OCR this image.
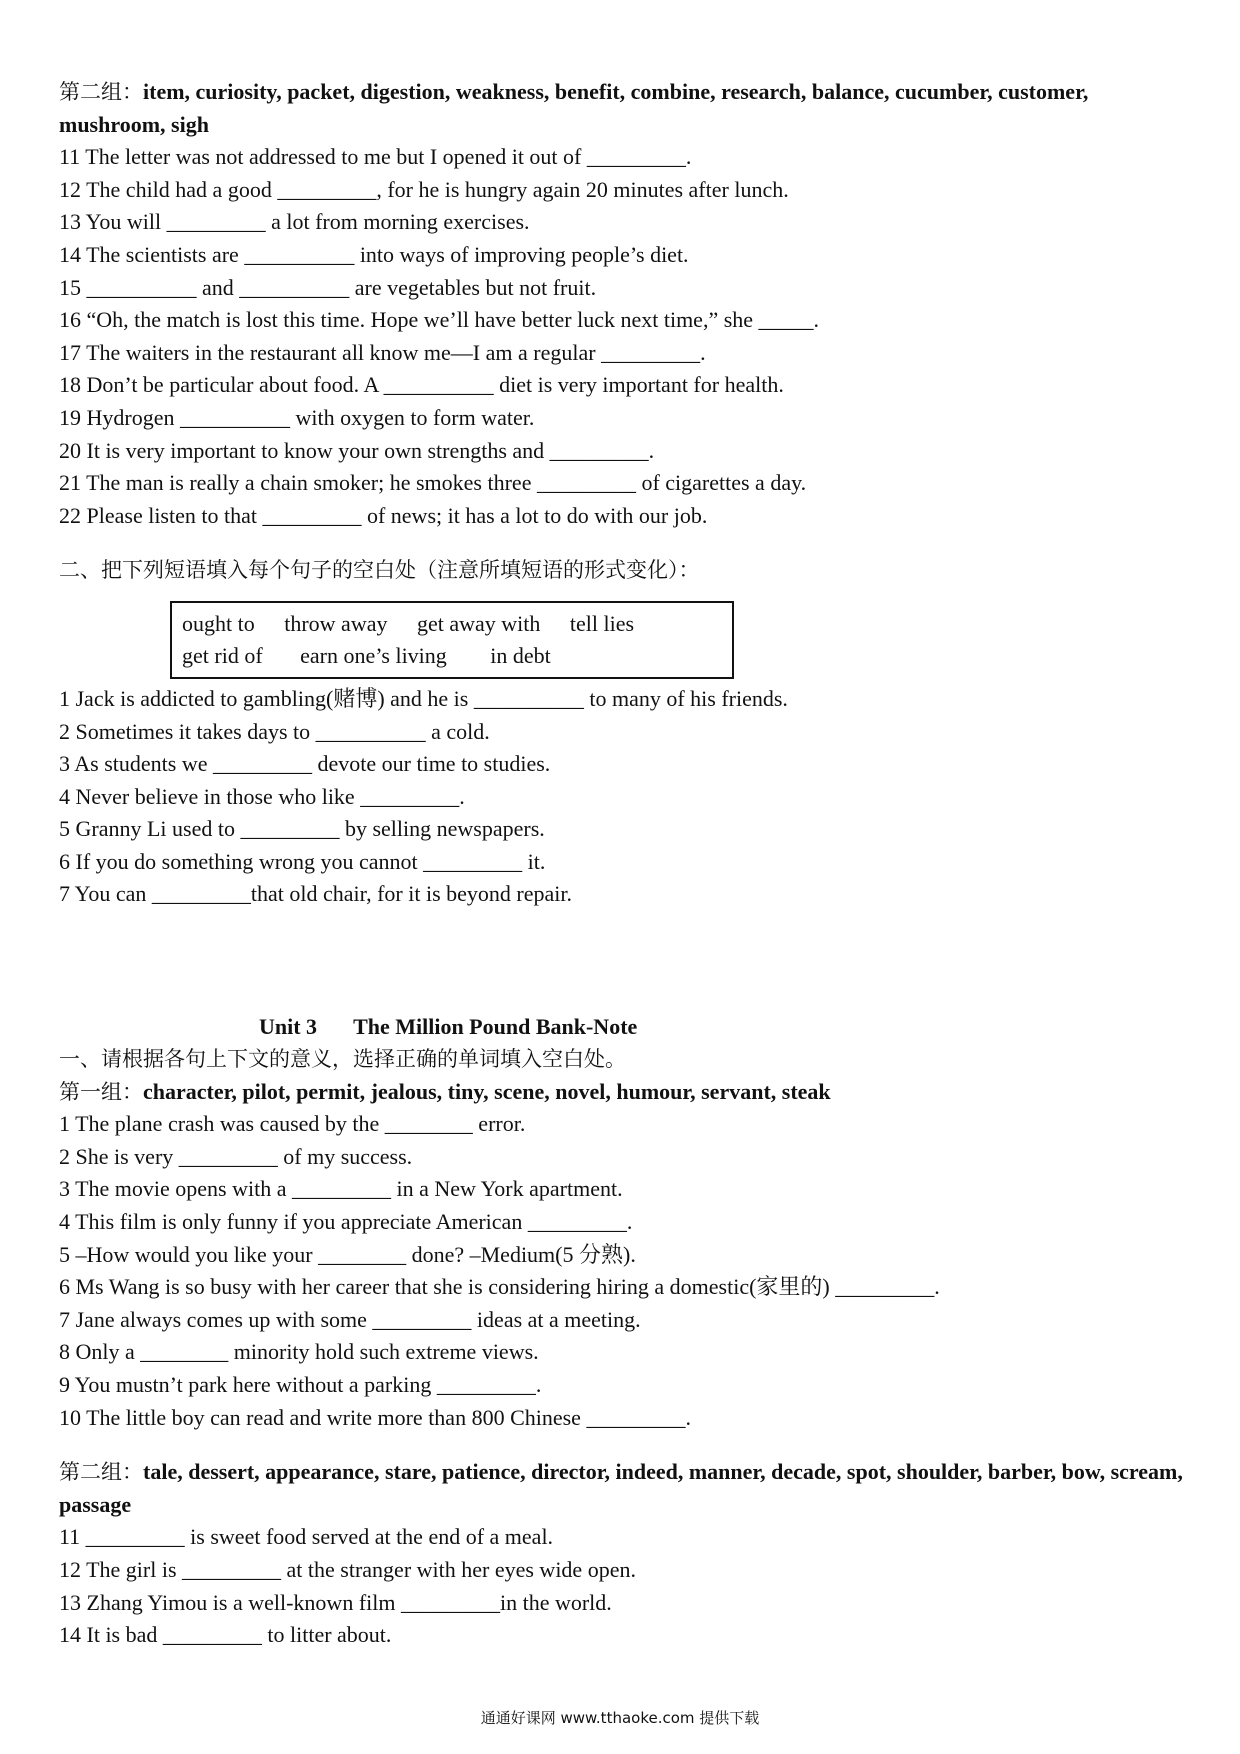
第二组：item, curiosity, packet, digestion, weakness, benefit, combine, research, balance, cucumber, customer, mushroom, sigh
11 The letter was not addressed to me but I opened it out of _________.
12 The child had a good _________, for he is hungry again 20 minutes after lunch.
13 You will _________ a lot from morning exercises.
14 The scientists are __________ into ways of improving people’s diet.
15 __________ and __________ are vegetables but not fruit.
16 “Oh, the match is lost this time. Hope we’ll have better luck next time,” she _____.
17 The waiters in the restaurant all know me—I am a regular _________.
18 Don’t be particular about food. A __________ diet is very important for health.
19 Hydrogen __________ with oxygen to form water.
20 It is very important to know your own strengths and _________.
21 The man is really a chain smoker; he smokes three _________ of cigarettes a day.
22 Please listen to that _________ of news; it has a lot to do with our job.
二、把下列短语填入每个句子的空白处（注意所填短语的形式变化）：
ought to throw away get away with tell lies
get rid of earn one’s living in debt
1 Jack is addicted to gambling(赌博) and he is __________ to many of his friends.
2 Sometimes it takes days to __________ a cold.
3 As students we _________ devote our time to studies.
4 Never believe in those who like _________.
5 Granny Li used to _________ by selling newspapers.
6 If you do something wrong you cannot _________ it.
7 You can _________that old chair, for it is beyond repair.
Unit 3 The Million Pound Bank-Note
一、请根据各句上下文的意义，选择正确的单词填入空白处。
第一组：character, pilot, permit, jealous, tiny, scene, novel, humour, servant, steak
1 The plane crash was caused by the ________ error.
2 She is very _________ of my success.
3 The movie opens with a _________ in a New York apartment.
4 This film is only funny if you appreciate American _________.
5 –How would you like your ________ done? –Medium(5 分熟).
6 Ms Wang is so busy with her career that she is considering hiring a domestic(家里的) _________.
7 Jane always comes up with some _________ ideas at a meeting.
8 Only a ________ minority hold such extreme views.
9 You mustn’t park here without a parking _________.
10 The little boy can read and write more than 800 Chinese _________.
第二组：tale, dessert, appearance, stare, patience, director, indeed, manner, decade, spot, shoulder, barber, bow, scream, passage
11 _________ is sweet food served at the end of a meal.
12 The girl is _________ at the stranger with her eyes wide open.
13 Zhang Yimou is a well-known film _________in the world.
14 It is bad _________ to litter about.
通通好课网 www.tthaoke.com 提供下载
